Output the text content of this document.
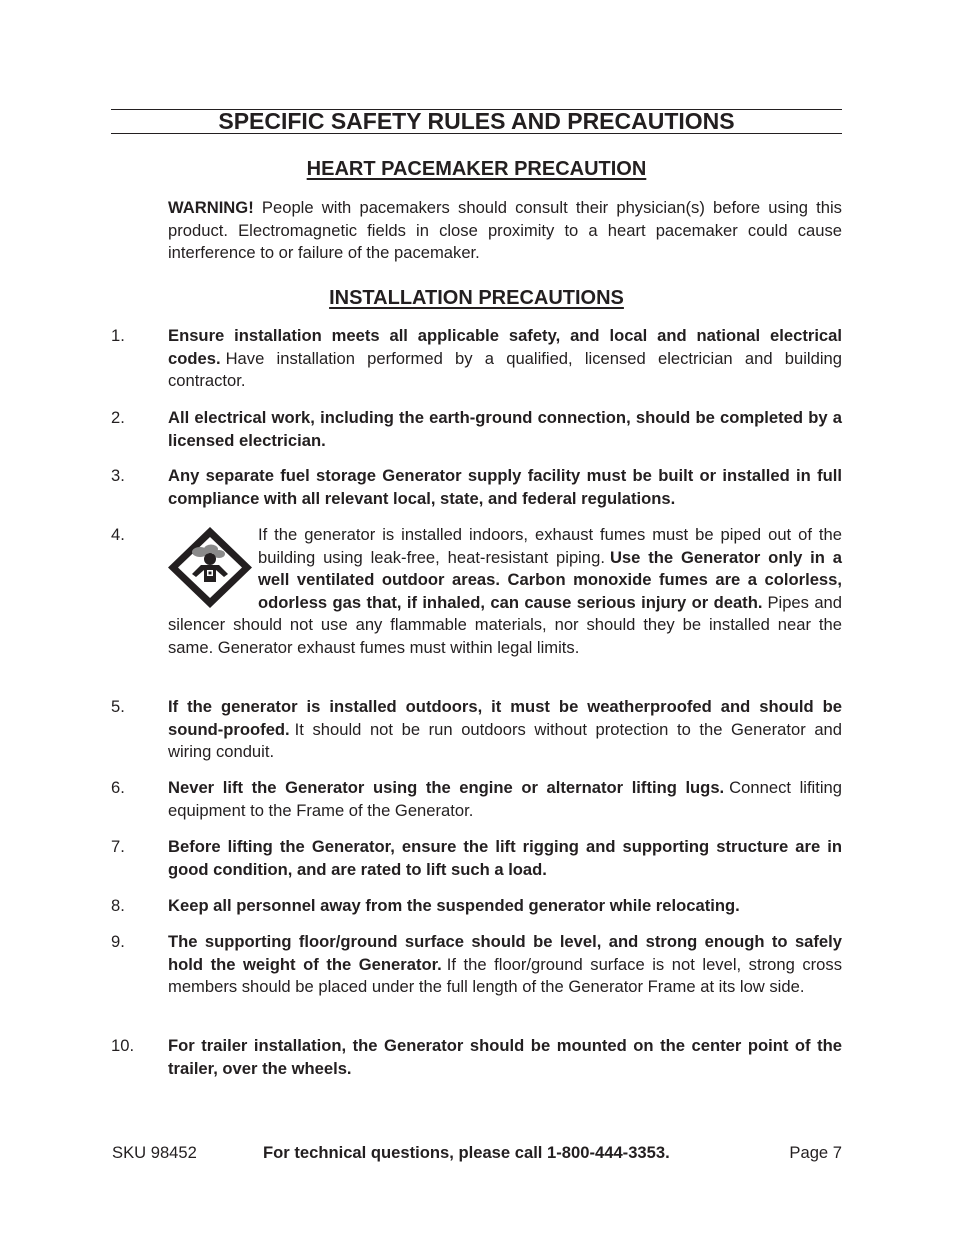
SPECIFIC SAFETY RULES AND PRECAUTIONS
HEART PACEMAKER PRECAUTION
WARNING! People with pacemakers should consult their physician(s) before using this product. Electromagnetic fields in close proximity to a heart pacemaker could cause interference to or failure of the pacemaker.
INSTALLATION PRECAUTIONS
1.	Ensure installation meets all applicable safety, and local and national electrical codes. Have installation performed by a qualified, licensed electrician and building contractor.
2.	All electrical work, including the earth-ground connection, should be completed by a licensed electrician.
3.	Any separate fuel storage Generator supply facility must be built or installed in full compliance with all relevant local, state, and federal regulations.
4.	If the generator is installed indoors, exhaust fumes must be piped out of the building using leak-free, heat-resistant piping. Use the Generator only in a well ventilated outdoor areas. Carbon monoxide fumes are a colorless, odorless gas that, if inhaled, can cause serious injury or death. Pipes and silencer should not use any flammable materials, nor should they be installed near the same. Generator exhaust fumes must within legal limits.
5.	If the generator is installed outdoors, it must be weatherproofed and should be sound-proofed. It should not be run outdoors without protection to the Generator and wiring conduit.
6.	Never lift the Generator using the engine or alternator lifting lugs. Connect lifiting equipment to the Frame of the Generator.
7.	Before lifting the Generator, ensure the lift rigging and supporting structure are in good condition, and are rated to lift such a load.
8.	Keep all personnel away from the suspended generator while relocating.
9.	The supporting floor/ground surface should be level, and strong enough to safely hold the weight of the Generator. If the floor/ground surface is not level, strong cross members should be placed under the full length of the Generator Frame at its low side.
10. For trailer installation, the Generator should be mounted on the center point of the trailer, over the wheels.
SKU 98452	For technical questions, please call 1-800-444-3353.	Page 7
